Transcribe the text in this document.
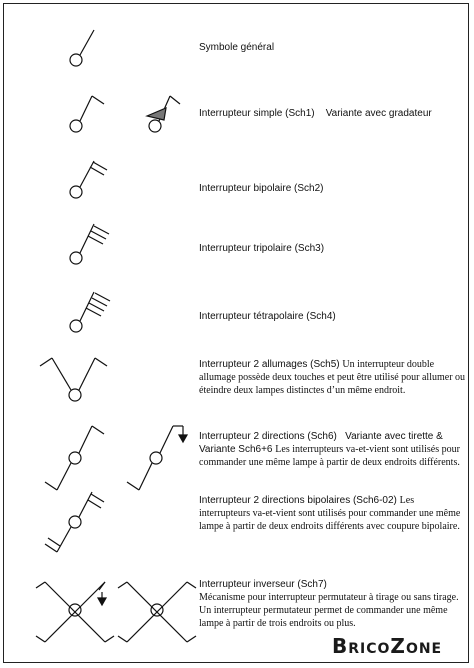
Symbole général
Interrupteur simple (Sch1)    Variante avec gradateur
Interrupteur bipolaire (Sch2)
Interrupteur tripolaire (Sch3)
Interrupteur tétrapolaire (Sch4)
Interrupteur 2 allumages (Sch5) Un interrupteur double allumage possède deux touches et peut être utilisé pour allumer ou éteindre deux lampes distinctes d’un même endroit.
Interrupteur 2 directions (Sch6)   Variante avec tirette & Variante Sch6+6 Les interrupteurs va-et-vient sont utilisés pour commander une même lampe à partir de deux endroits différents.
Interrupteur 2 directions bipolaires (Sch6-02) Les interrupteurs va-et-vient sont utilisés pour commander une même lampe à partir de deux endroits différents avec coupure bipolaire.
Interrupteur inverseur (Sch7)
Mécanisme pour interrupteur permutateur à tirage ou sans tirage. Un interrupteur permutateur permet de commander une même lampe à partir de trois endroits ou plus.
BRICOZONE
